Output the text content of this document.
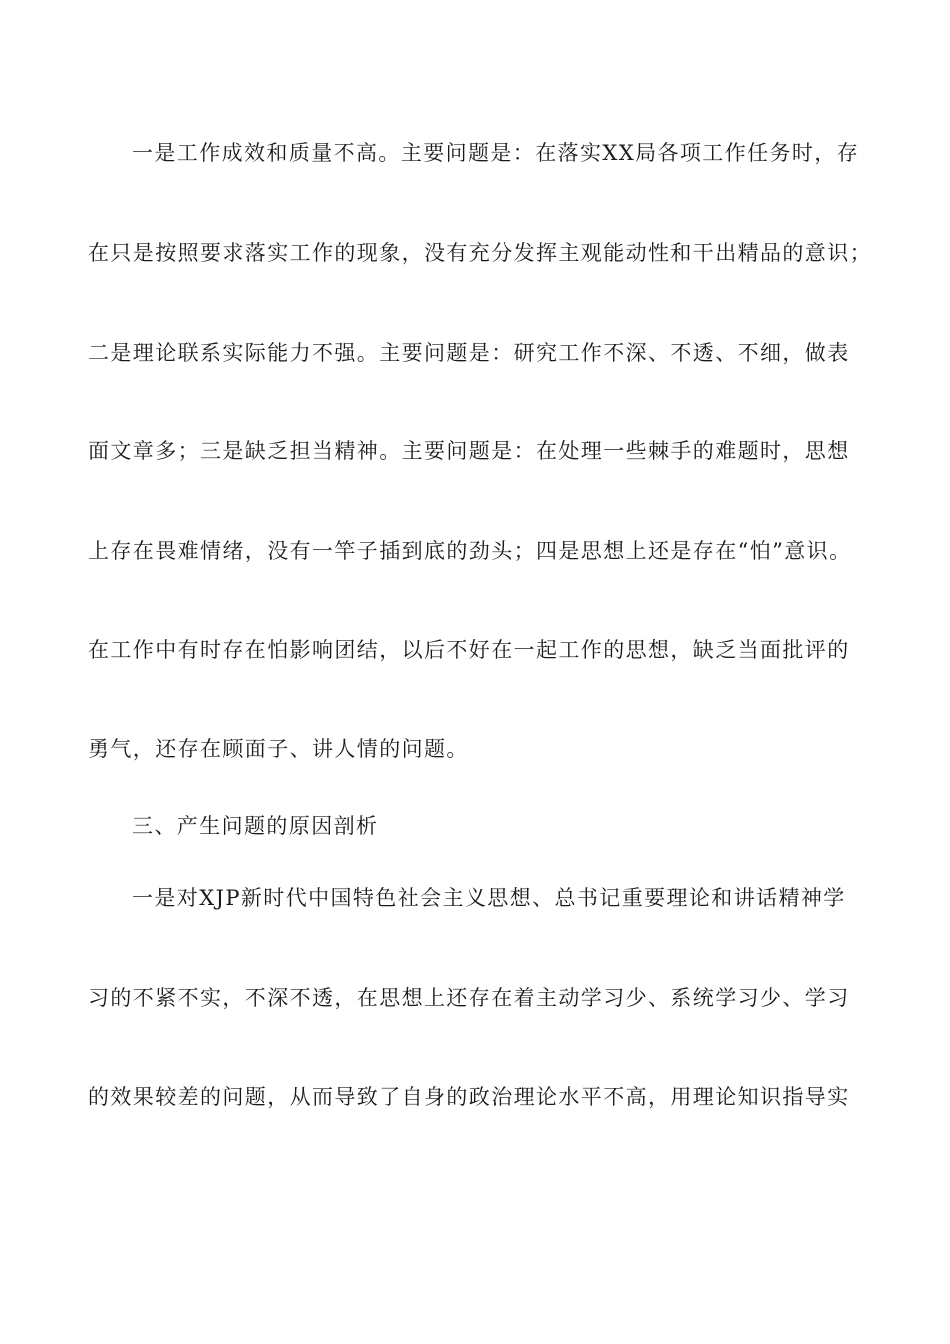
一是工作成效和质量不高。主要问题是：在落实XX局各项工作任务时，存
在只是按照要求落实工作的现象，没有充分发挥主观能动性和干出精品的意识；
二是理论联系实际能力不强。主要问题是：研究工作不深、不透、不细，做表
面文章多；三是缺乏担当精神。主要问题是：在处理一些棘手的难题时，思想
上存在畏难情绪，没有一竿子插到底的劲头；四是思想上还是存在“怕”意识。
在工作中有时存在怕影响团结，以后不好在一起工作的思想，缺乏当面批评的
勇气，还存在顾面子、讲人情的问题。
三、产生问题的原因剖析
一是对XJP新时代中国特色社会主义思想、总书记重要理论和讲话精神学
习的不紧不实，不深不透，在思想上还存在着主动学习少、系统学习少、学习
的效果较差的问题，从而导致了自身的政治理论水平不高，用理论知识指导实
